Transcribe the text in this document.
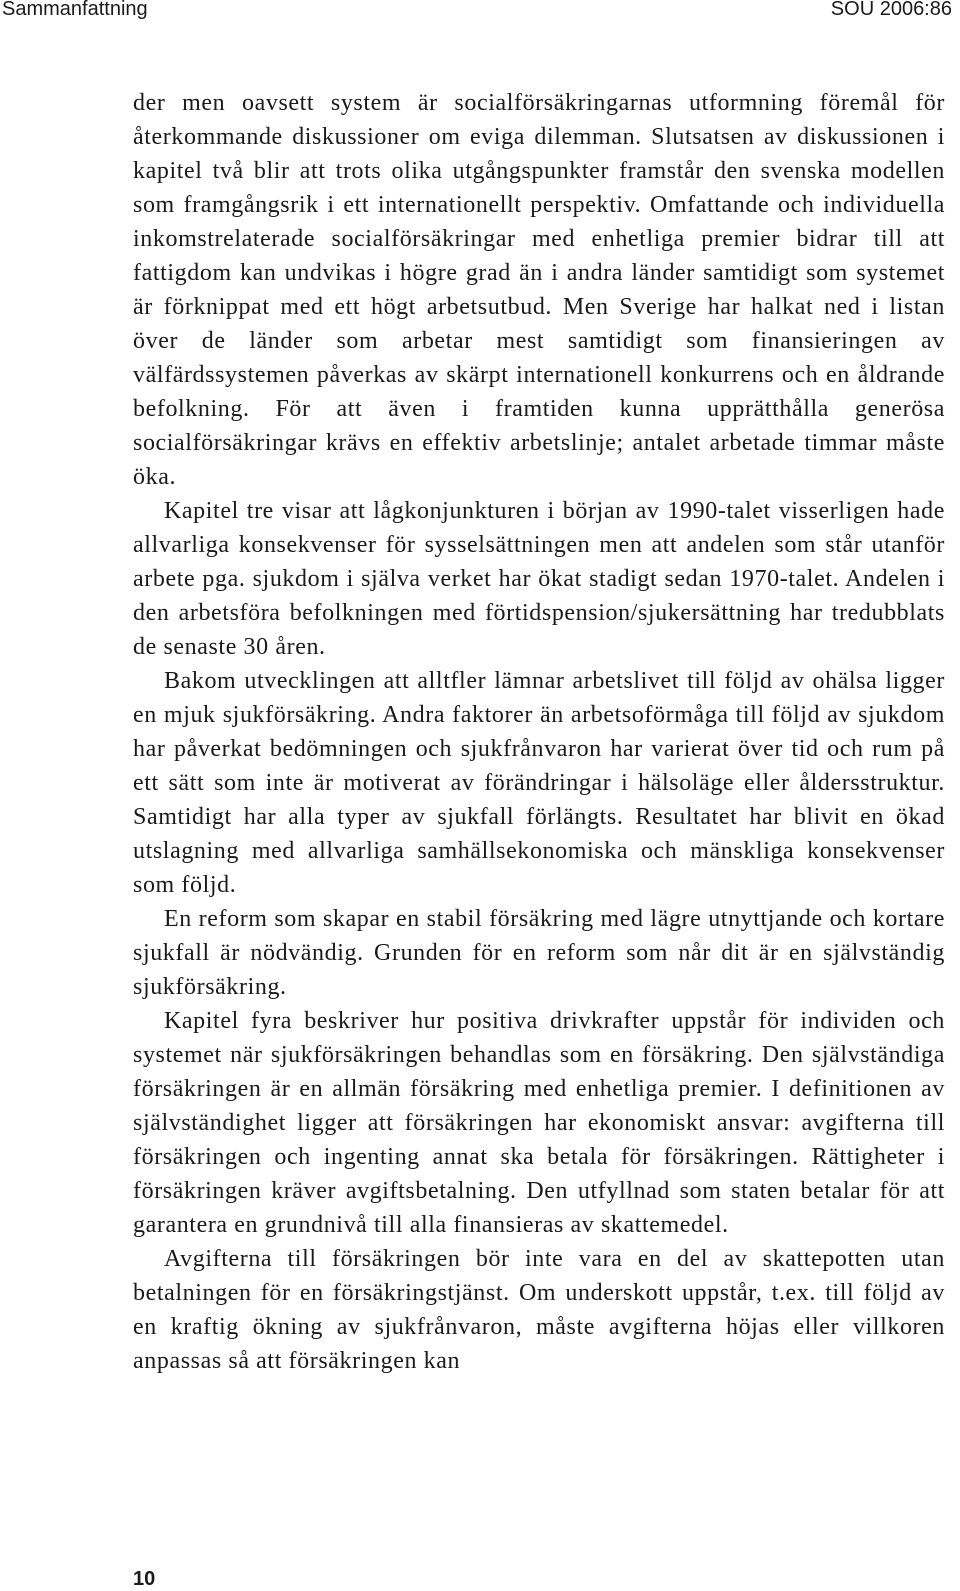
Sammanfattning	SOU 2006:86

der men oavsett system är socialförsäkringarnas utformning föremål för återkommande diskussioner om eviga dilemman. Slutsatsen av diskussionen i kapitel två blir att trots olika utgångspunkter framstår den svenska modellen som framgångsrik i ett internationellt perspektiv. Omfattande och individuella inkomstrelaterade socialförsäkringar med enhetliga premier bidrar till att fattigdom kan undvikas i högre grad än i andra länder samtidigt som systemet är förknippat med ett högt arbetsutbud. Men Sverige har halkat ned i listan över de länder som arbetar mest samtidigt som finansieringen av välfärdssystemen påverkas av skärpt internationell konkurrens och en åldrande befolkning. För att även i framtiden kunna upprätthålla generösa socialförsäkringar krävs en effektiv arbetslinje; antalet arbetade timmar måste öka.

Kapitel tre visar att lågkonjunkturen i början av 1990-talet visserligen hade allvarliga konsekvenser för sysselsättningen men att andelen som står utanför arbete pga. sjukdom i själva verket har ökat stadigt sedan 1970-talet. Andelen i den arbetsföra befolkningen med förtidspension/sjukersättning har tredubblats de senaste 30 åren.

Bakom utvecklingen att alltfler lämnar arbetslivet till följd av ohälsa ligger en mjuk sjukförsäkring. Andra faktorer än arbetsoförmåga till följd av sjukdom har påverkat bedömningen och sjukfrånvaron har varierat över tid och rum på ett sätt som inte är motiverat av förändringar i hälsoläge eller åldersstruktur. Samtidigt har alla typer av sjukfall förlängts. Resultatet har blivit en ökad utslagning med allvarliga samhällsekonomiska och mänskliga konsekvenser som följd.

En reform som skapar en stabil försäkring med lägre utnyttjande och kortare sjukfall är nödvändig. Grunden för en reform som når dit är en självständig sjukförsäkring.

Kapitel fyra beskriver hur positiva drivkrafter uppstår för individen och systemet när sjukförsäkringen behandlas som en försäkring. Den självständiga försäkringen är en allmän försäkring med enhetliga premier. I definitionen av självständighet ligger att försäkringen har ekonomiskt ansvar: avgifterna till försäkringen och ingenting annat ska betala för försäkringen. Rättigheter i försäkringen kräver avgiftsbetalning. Den utfyllnad som staten betalar för att garantera en grundnivå till alla finansieras av skattemedel.

Avgifterna till försäkringen bör inte vara en del av skattepotten utan betalningen för en försäkringstjänst. Om underskott uppstår, t.ex. till följd av en kraftig ökning av sjukfrånvaron, måste avgifterna höjas eller villkoren anpassas så att försäkringen kan

10
